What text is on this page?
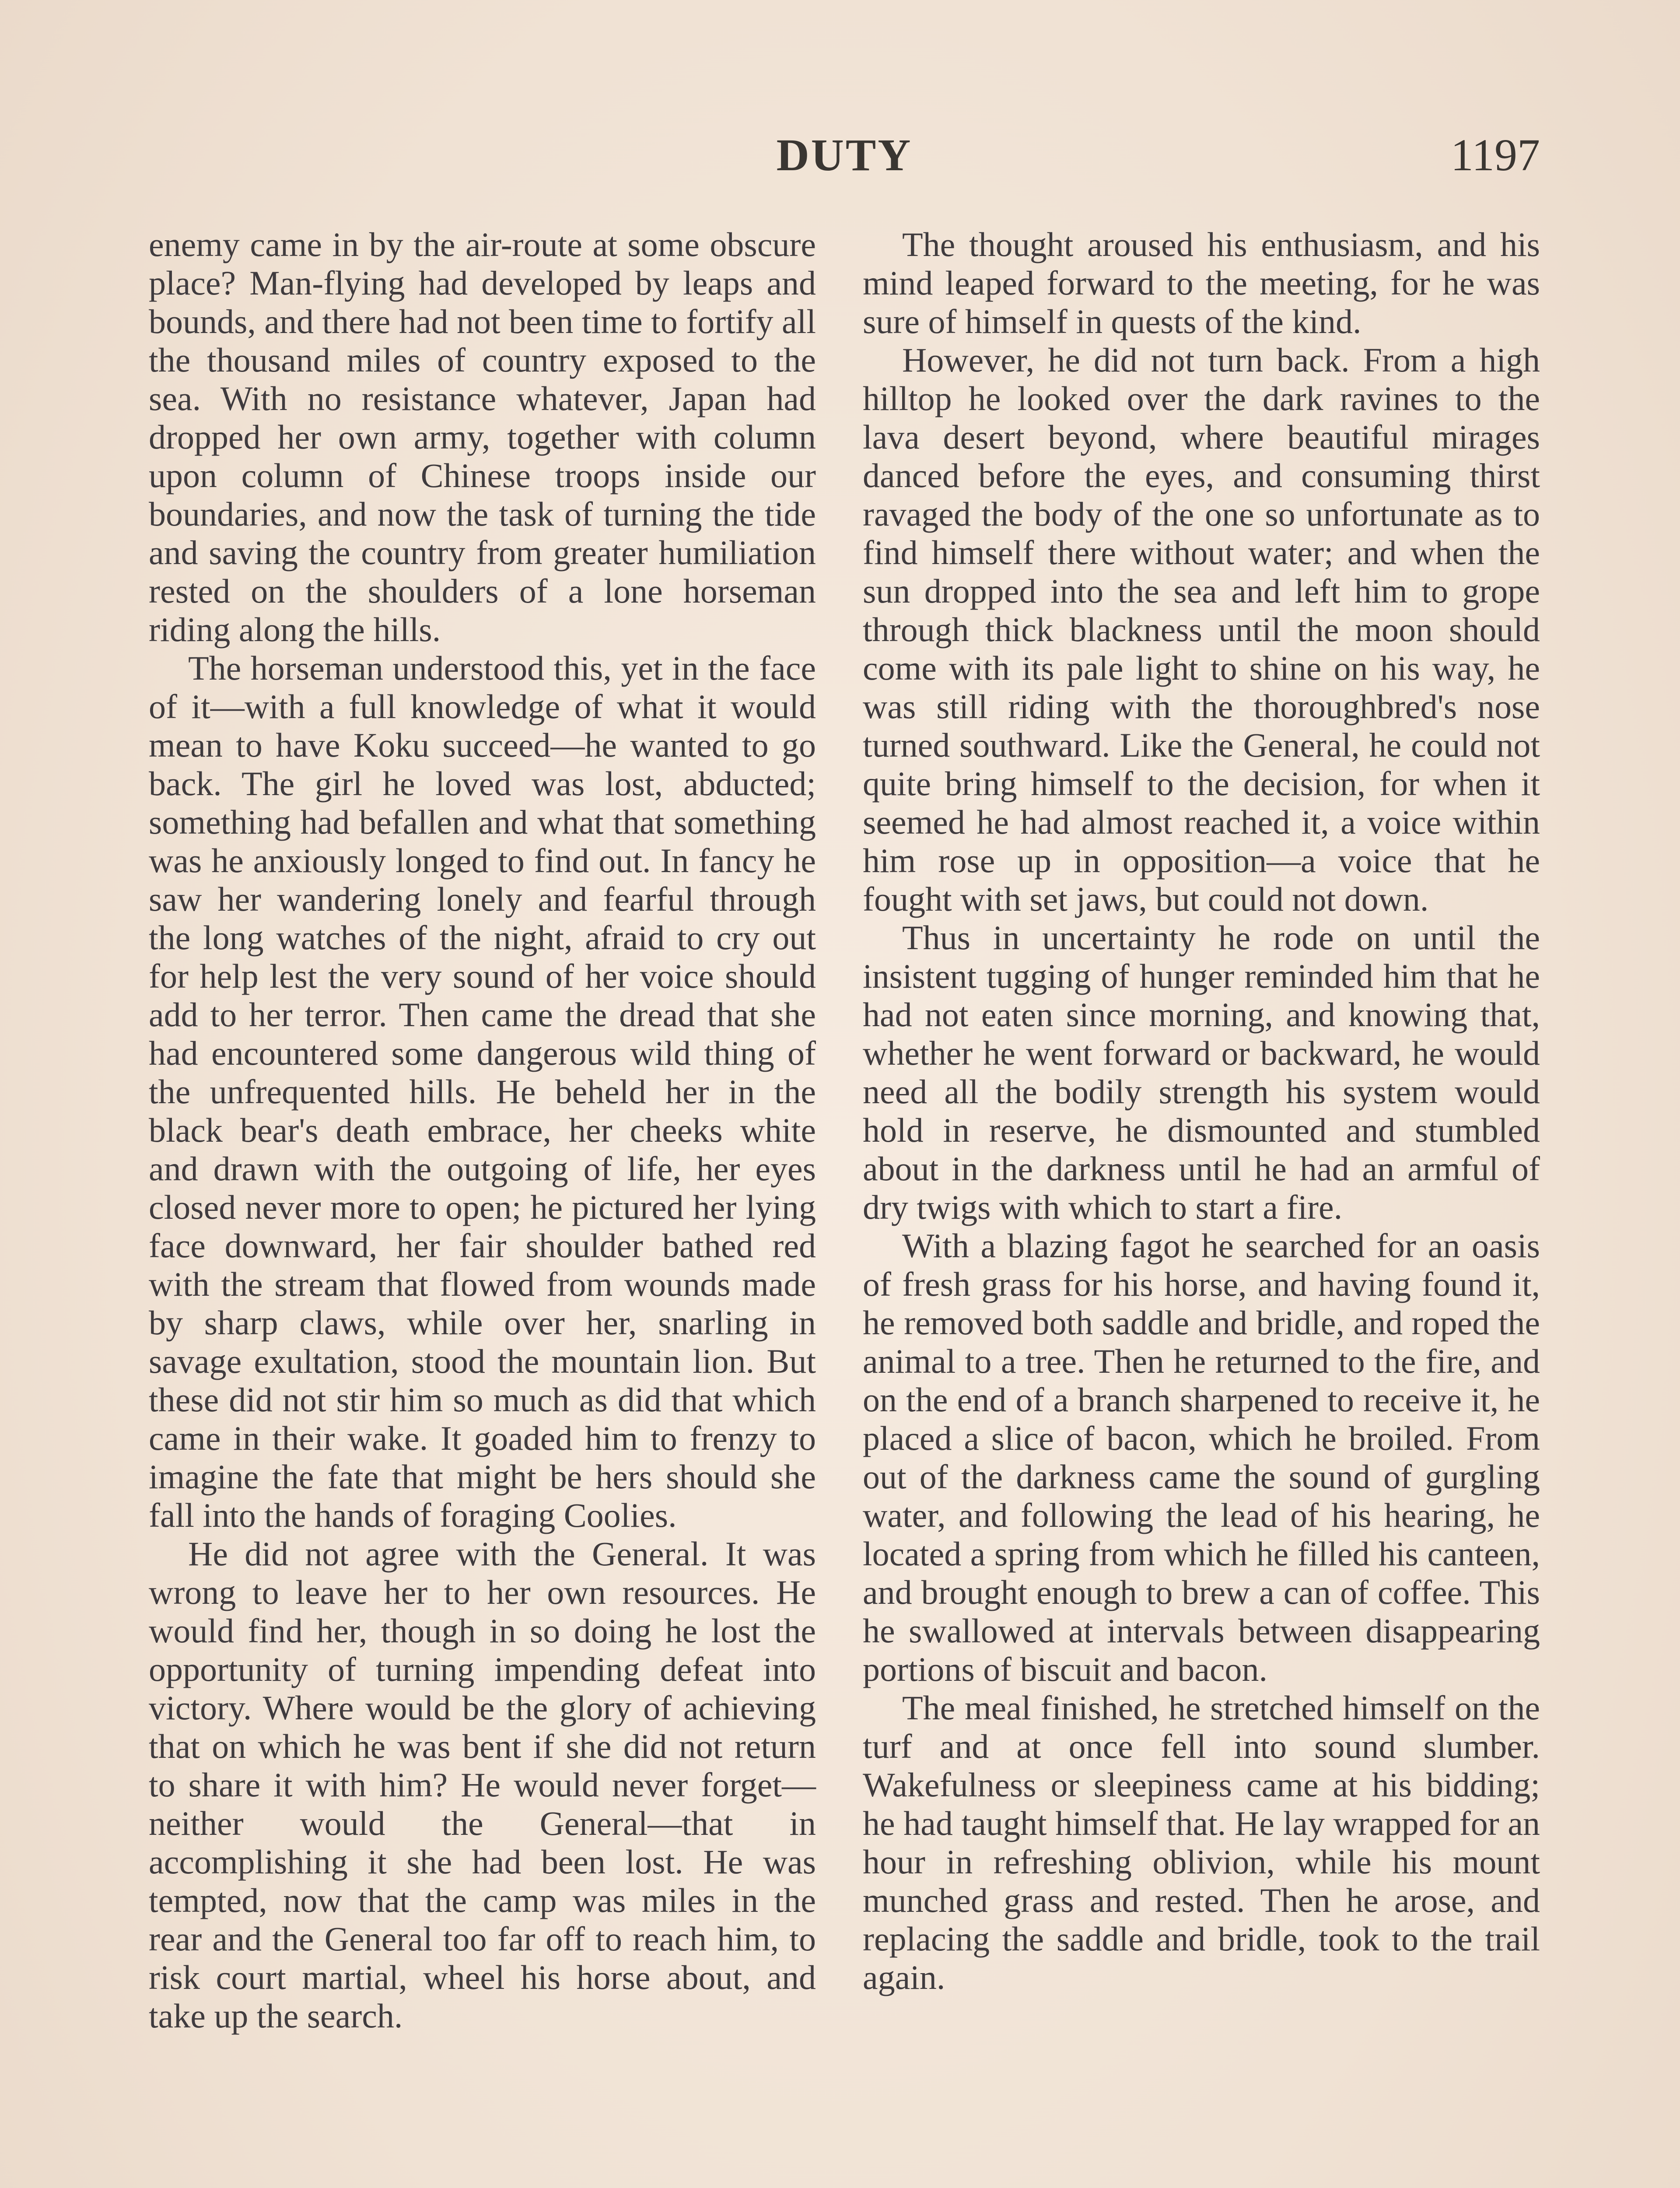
DUTY	1197

enemy came in by the air-route at some obscure place? Man-flying had developed by leaps and bounds, and there had not been time to fortify all the thousand miles of country exposed to the sea. With no resistance whatever, Japan had dropped her own army, together with column upon column of Chinese troops inside our boundaries, and now the task of turning the tide and saving the country from greater humiliation rested on the shoulders of a lone horseman riding along the hills.

The horseman understood this, yet in the face of it—with a full knowledge of what it would mean to have Koku succeed—he wanted to go back. The girl he loved was lost, abducted; something had befallen and what that something was he anxiously longed to find out. In fancy he saw her wandering lonely and fearful through the long watches of the night, afraid to cry out for help lest the very sound of her voice should add to her terror. Then came the dread that she had encountered some dangerous wild thing of the unfrequented hills. He beheld her in the black bear's death embrace, her cheeks white and drawn with the outgoing of life, her eyes closed never more to open; he pictured her lying face downward, her fair shoulder bathed red with the stream that flowed from wounds made by sharp claws, while over her, snarling in savage exultation, stood the mountain lion. But these did not stir him so much as did that which came in their wake. It goaded him to frenzy to imagine the fate that might be hers should she fall into the hands of foraging Coolies.

He did not agree with the General. It was wrong to leave her to her own resources. He would find her, though in so doing he lost the opportunity of turning impending defeat into victory. Where would be the glory of achieving that on which he was bent if she did not return to share it with him? He would never forget—neither would the General—that in accomplishing it she had been lost. He was tempted, now that the camp was miles in the rear and the General too far off to reach him, to risk court martial, wheel his horse about, and take up the search.

The thought aroused his enthusiasm, and his mind leaped forward to the meeting, for he was sure of himself in quests of the kind.

However, he did not turn back. From a high hilltop he looked over the dark ravines to the lava desert beyond, where beautiful mirages danced before the eyes, and consuming thirst ravaged the body of the one so unfortunate as to find himself there without water; and when the sun dropped into the sea and left him to grope through thick blackness until the moon should come with its pale light to shine on his way, he was still riding with the thoroughbred's nose turned southward. Like the General, he could not quite bring himself to the decision, for when it seemed he had almost reached it, a voice within him rose up in opposition—a voice that he fought with set jaws, but could not down.

Thus in uncertainty he rode on until the insistent tugging of hunger reminded him that he had not eaten since morning, and knowing that, whether he went forward or backward, he would need all the bodily strength his system would hold in reserve, he dismounted and stumbled about in the darkness until he had an armful of dry twigs with which to start a fire.

With a blazing fagot he searched for an oasis of fresh grass for his horse, and having found it, he removed both saddle and bridle, and roped the animal to a tree. Then he returned to the fire, and on the end of a branch sharpened to receive it, he placed a slice of bacon, which he broiled. From out of the darkness came the sound of gurgling water, and following the lead of his hearing, he located a spring from which he filled his canteen, and brought enough to brew a can of coffee. This he swallowed at intervals between disappearing portions of biscuit and bacon.

The meal finished, he stretched himself on the turf and at once fell into sound slumber. Wakefulness or sleepiness came at his bidding; he had taught himself that. He lay wrapped for an hour in refreshing oblivion, while his mount munched grass and rested. Then he arose, and replacing the saddle and bridle, took to the trail again.
